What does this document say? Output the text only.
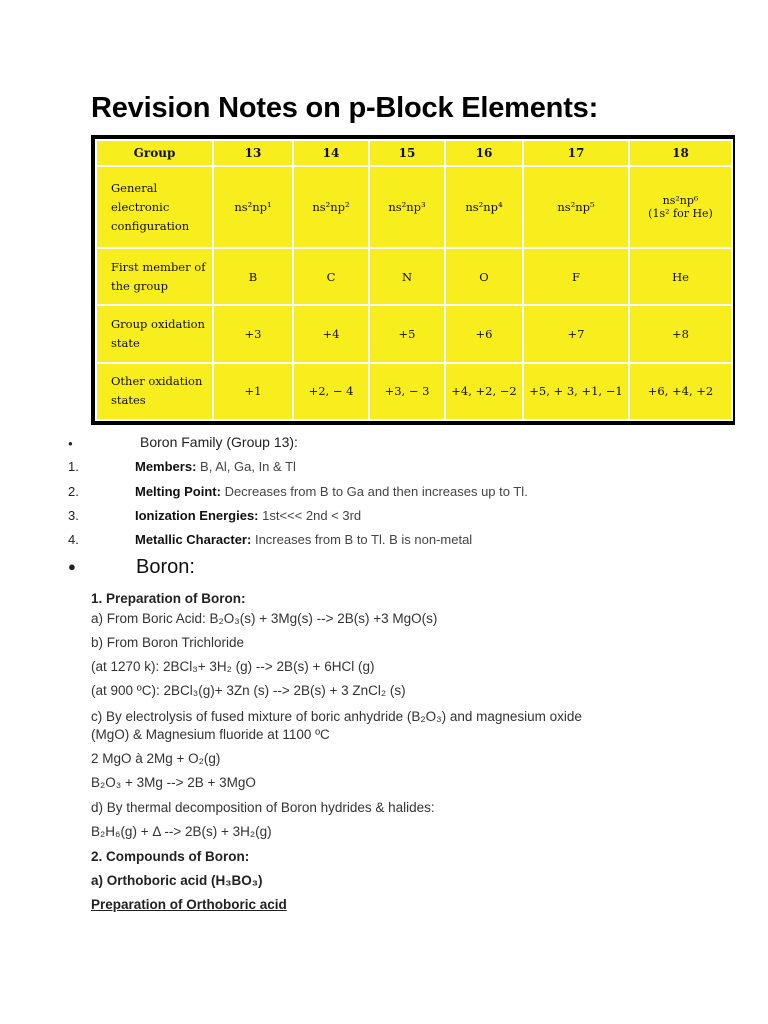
Revision Notes on p-Block Elements:
Group	13	14	15	16	17	18
General electronic configuration	ns²np¹	ns²np²	ns²np³	ns²np⁴	ns²np⁵	ns²np⁶
(1s² for He)

First member of the group	B	C	N	O	F	He
Group oxidation state	+3	+4	+5	+6	+7	+8
Other oxidation states	+1	+2, − 4	+3, − 3	+4, +2, −2	+5, + 3, +1, −1	+6, +4, +2
●	Boron Family (Group 13):
1.	Members: B, Al, Ga, In & Tl
2.	Melting Point: Decreases from B to Ga and then increases up to Tl.
3.	Ionization Energies: 1st<<< 2nd < 3rd
4.	Metallic Character: Increases from B to Tl. B is non-metal
●	Boron:
1. Preparation of Boron:
a) From Boric Acid: B₂O₃(s) + 3Mg(s) --> 2B(s) +3 MgO(s)
b) From Boron Trichloride
(at 1270 k): 2BCl₃+ 3H₂ (g) --> 2B(s) + 6HCl (g)
(at 900 ºC): 2BCl₃(g)+ 3Zn (s) --> 2B(s) + 3 ZnCl₂ (s)
c) By electrolysis of fused mixture of boric anhydride (B₂O₃) and magnesium oxide
(MgO) & Magnesium fluoride at 1100 ºC
2 MgO à 2Mg + O₂(g)
B₂O₃ + 3Mg --> 2B + 3MgO
d) By thermal decomposition of Boron hydrides & halides:
B₂H₆(g) + Δ --> 2B(s) + 3H₂(g)
2. Compounds of Boron:
a) Orthoboric acid (H₃BO₃)
Preparation of Orthoboric acid
